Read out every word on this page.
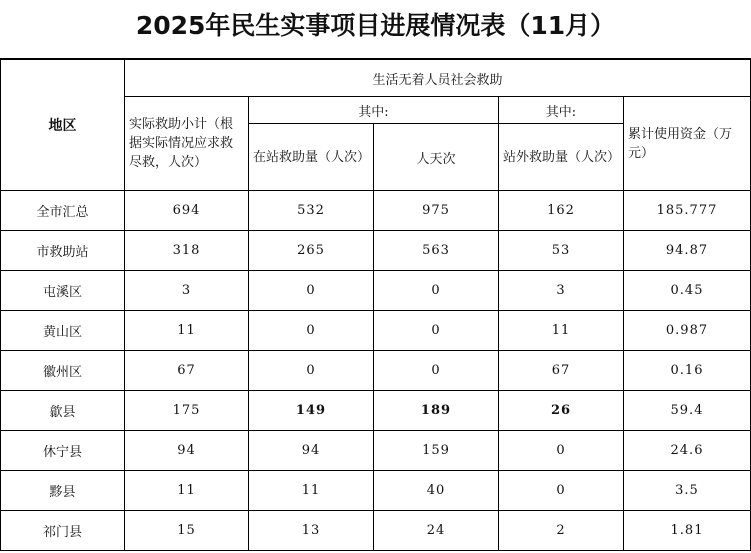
2025年民生实事项目进展情况表（11月）
地区	生活无着人员社会救助				
	实际救助小计（根据实际情况应求救尽救，人次）	其中:		其中:	累计使用资金（万元）
		在站救助量（人次）	人天次	站外救助量（人次）	
全市汇总	694	532	975	162	185.777
市救助站	318	265	563	53	94.87
屯溪区	3	0	0	3	0.45
黄山区	11	0	0	11	0.987
徽州区	67	0	0	67	0.16
歙县	175	149	189	26	59.4
休宁县	94	94	159	0	24.6
黟县	11	11	40	0	3.5
祁门县	15	13	24	2	1.81
